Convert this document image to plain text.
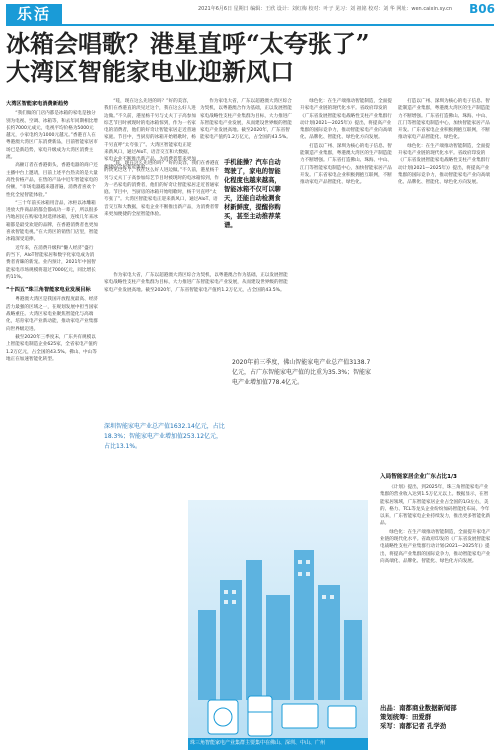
乐活	2021年6月6日 星期日 编辑：王欣 设计：刘红梅 校对：叶子 见习：刘 祖铭 校对：刘 华 网址：wen.caixin.sy.cn B06
冰箱会唱歌？港星直呼“太夸张了”
大湾区智能家电业迎新风口
大湾区智能家电消费新趋势
“我们做的门店内都是冰箱的家电是独分别为电视、空调、冰箱等，和去年同期相比增长约7000元成元，电视平均价格为5000元越元，小家电约为1000元越元。”香港百人在粤港澳大湾区广东消费新品，目前智能家居市场已是新趋势，家电升级成为大湾区消费主流。
高额订者在香港街头，香港电器的商户还主播中台上邀请，目前上述平台热卖的是大量高性价格产品，在售的产品中近年智能家电的份额，“市场电器越来越普遍，消费者喜欢个性化全屋智能体验。”
“三十年前买冰箱用音品，冰柜以冰雕箱进放大件商品的都会都成功一辈子，所以很多内地居民在购家电时选择冰箱，连续几年来冰箱都是最受欢迎的品牌，在香港消费者也更加喜欢智能电视。”在大湾区的销售门店里，智能冰箱深受追捧。
近年来，在消费升级和“懒人经济”盛行的当下，AIoT智能家居和数字化家电成为消费者青睐的新宠。业内预计，2021年中国智能家电市场规模将超过7000亿元，同比增长约11%。
“十四五”珠三角智能家电业发展目标
粤港澳大湾区是我国开放程度最高、经济活力最强的区域之一，在规划发展中担当国家战略重任。大湾区家电业聚焦智能化与高端化，培育家电产业新动能，推动家电产业集群向世界级迈进。
截至2020年三季度末，广东共有规模以上智能家电制造企业625家，全省家电产值约1.2万亿元，占全国的43.5%。佛山、中山等地正在加速智能化转型。
“哇，现在这么先进的吗？”好的美容，我们在香港直的淡见过这个，我在这么好人进边做。”不久前，港星杨千另与丈夫丁子高参加综艺节目时被现时的电冰箱惊到，作为一名家电的消费者，他们的好奇让智能家居走近普通家庭。节目中，当厨房的冰箱开始唱歌时，杨千另直呼“太夸张了”。大湾区智能家电正迎来新风口，通过AIoT、语音交互和大数据，家电企业不断推出新产品，为消费者带来更加便捷的全屋智能体验。
“哇，现在这么先进的吗？”好的美容，我们在香港直的淡见过这个，我在这么好人进边做。”不久前，港星杨千另与丈夫丁子高参加综艺节目时被现时的电冰箱惊到，作为一名家电的消费者，他们的好奇让智能家居走近普通家庭。节目中，当厨房的冰箱开始唱歌时，杨千另直呼“太夸张了”。大湾区智能家电正迎来新风口，通过AIoT、语音交互和大数据，家电企业不断推出新产品，为消费者带来更加便捷的全屋智能体验。
手机能操？汽车自动驾驶了，家电的智能化程度也越来越高，智能冰箱不仅可以聊天，还能自动检测食材新鲜度，提醒你购买，甚至主动推荐菜谱。
作为家电大省，广东以超港澳大湾区综合为契机，以粤港澳合作为基础，正以发展智能家电战略性支柱产业集群为目标，大力推进广东智能家电产业发展，从而建设世界级的智能家电产业发展高地。截至2020年，广东省智能家电产值约1.2万亿元，占全国的43.5%。
作为家电大省，广东以超港澳大湾区综合为契机，以粤港澳合作为基础，正以发展智能家电战略性支柱产业集群为目标，大力推进广东智能家电产业发展，从而建设世界级的智能家电产业发展高地。截至2020年，广东省智能家电产值约1.2万亿元，占全国的43.5%。
绿色化：在生产端推动智能制造，全面提升家电产业链的现代化水平。省政府印发的《广东省发展智能家电战略性支柱产业集群行动计划(2021—2025年)》提出，将提高产业集群的国际竞争力，推动智能家电产业向高端化、品牌化、智能化、绿色化方向发展。
打造以广州、深圳为核心的电子信息、智能制造产业集群，粤港澳大湾区的生产制造能力不断增强。广东省打造佛山、珠海、中山、江门等智能家电制造中心，加快智能家居产品开发。广东省家电企业积极拥抱互联网，不断推动家电产品智能化、绿色化。
打造以广州、深圳为核心的电子信息、智能制造产业集群，粤港澳大湾区的生产制造能力不断增强。广东省打造佛山、珠海、中山、江门等智能家电制造中心，加快智能家居产品开发。广东省家电企业积极拥抱互联网，不断推动家电产品智能化、绿色化。
绿色化：在生产端推动智能制造，全面提升家电产业链的现代化水平。省政府印发的《广东省发展智能家电战略性支柱产业集群行动计划(2021—2025年)》提出，将提高产业集群的国际竞争力，推动智能家电产业向高端化、品牌化、智能化、绿色化方向发展。
2020年前三季度，佛山智能家电产业总产值3138.7亿元，占广东智能家电产值的比重为35.3%；智能家电产业增加值778.4亿元。
深圳智能家电产业总产值1632.14亿元，占比18.3%；智能家电产业增加值253.12亿元，占比13.1%。
珠三角智能家电产业集群主要集中在佛山、深圳、中山、广州
入局智能家居企业广东占比1/3
《计划》提出，到2025年，珠三角智能家电产业集群的营业收入达到1.5万亿元以上。数据显示，在智能家居领域，广东智能家居企业占全国的1/3左右，美的、格力、TCL等龙头企业纷纷加码智能化布局。今年以来，广东智能家电企业持续发力，推出更多智能化新品。
绿色化：在生产端推动智能制造，全面提升家电产业链的现代化水平。省政府印发的《广东省发展智能家电战略性支柱产业集群行动计划(2021—2025年)》提出，将提高产业集群的国际竞争力，推动智能家电产业向高端化、品牌化、智能化、绿色化方向发展。
出品：南都商业数据新闻部
策划统筹：田爱群
采写：南都记者 孔学劲
